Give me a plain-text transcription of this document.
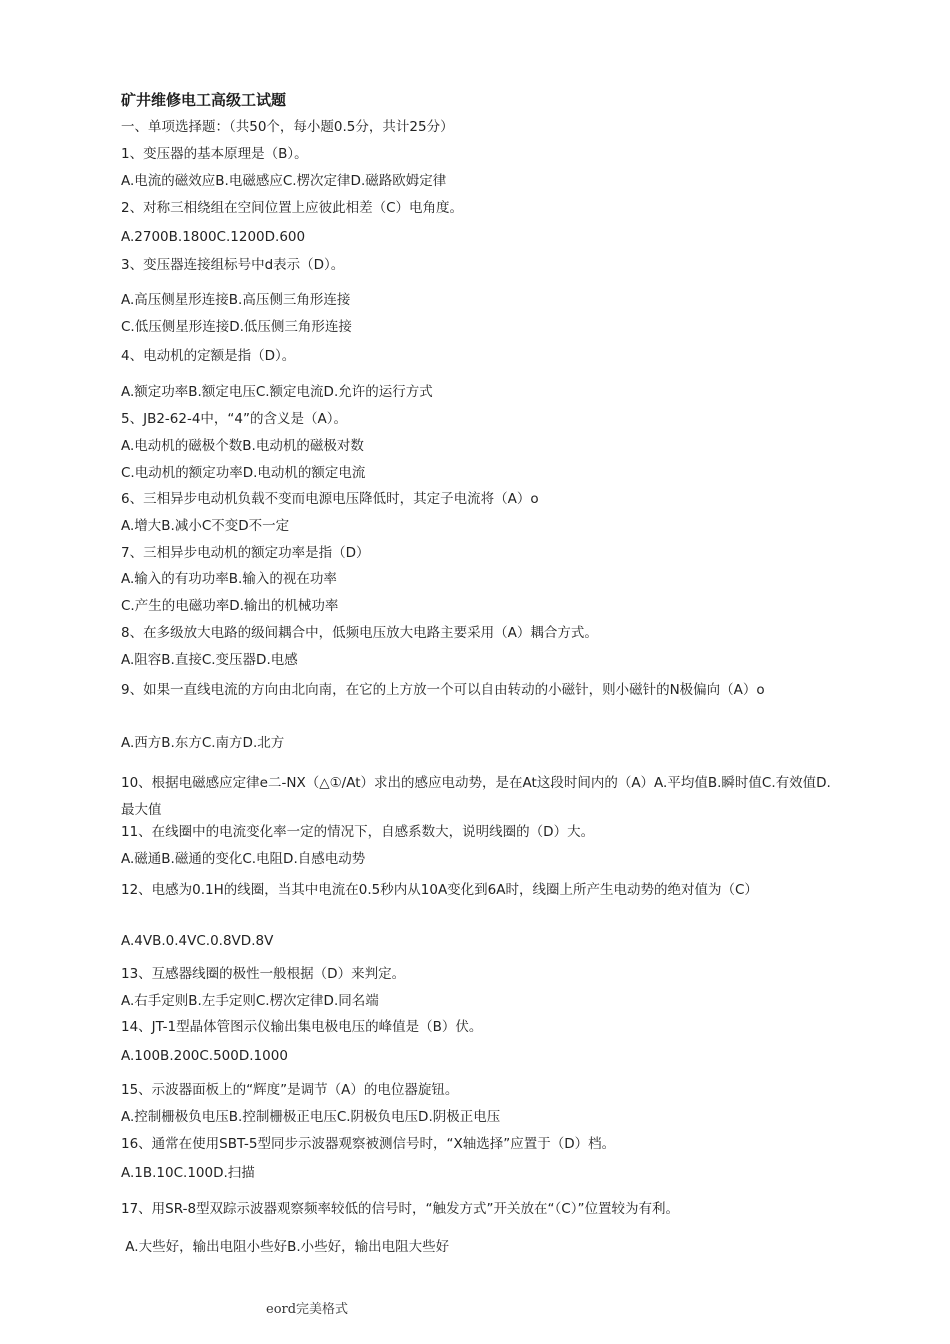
矿井维修电工高级工试题
一、单项选择题：（共50个，每小题0.5分，共计25分）
1、变压器的基本原理是（B）。
A.电流的磁效应B.电磁感应C.楞次定律D.磁路欧姆定律
2、对称三相绕组在空间位置上应彼此相差（C）电角度。
A.2700B.1800C.1200D.600
3、变压器连接组标号中d表示（D）。
A.高压侧星形连接B.高压侧三角形连接
C.低压侧星形连接D.低压侧三角形连接
4、电动机的定额是指（D）。
A.额定功率B.额定电压C.额定电流D.允许的运行方式
5、JB2-62-4中，“4”的含义是（A）。
A.电动机的磁极个数B.电动机的磁极对数
C.电动机的额定功率D.电动机的额定电流
6、三相异步电动机负载不变而电源电压降低时，其定子电流将（A）o
A.增大B.减小C不变D不一定
7、三相异步电动机的额定功率是指（D）
A.输入的有功功率B.输入的视在功率
C.产生的电磁功率D.输出的机械功率
8、在多级放大电路的级间耦合中，低频电压放大电路主要采用（A）耦合方式。
A.阻容B.直接C.变压器D.电感
9、如果一直线电流的方向由北向南，在它的上方放一个可以自由转动的小磁针，则小磁针的N极偏向（A）o
A.西方B.东方C.南方D.北方
10、根据电磁感应定律e二-NX（△①/At）求出的感应电动势，是在At这段时间内的（A）A.平均值B.瞬时值C.有效值D.最大值
11、在线圈中的电流变化率一定的情况下，自感系数大，说明线圈的（D）大。
A.磁通B.磁通的变化C.电阻D.自感电动势
12、电感为0.1H的线圈，当其中电流在0.5秒内从10A变化到6A时，线圈上所产生电动势的绝对值为（C）
A.4VB.0.4VC.0.8VD.8V
13、互感器线圈的极性一般根据（D）来判定。
A.右手定则B.左手定则C.楞次定律D.同名端
14、JT-1型晶体管图示仪输出集电极电压的峰值是（B）伏。
A.100B.200C.500D.1000
15、示波器面板上的“辉度”是调节（A）的电位器旋钮。
A.控制栅极负电压B.控制栅极正电压C.阴极负电压D.阴极正电压
16、通常在使用SBT-5型同步示波器观察被测信号时，“X轴选择”应置于（D）档。
A.1B.10C.100D.扫描
17、用SR-8型双踪示波器观察频率较低的信号时，“触发方式”开关放在“（C）”位置较为有利。
A.大些好，输出电阻小些好B.小些好，输出电阻大些好
eord完美格式
